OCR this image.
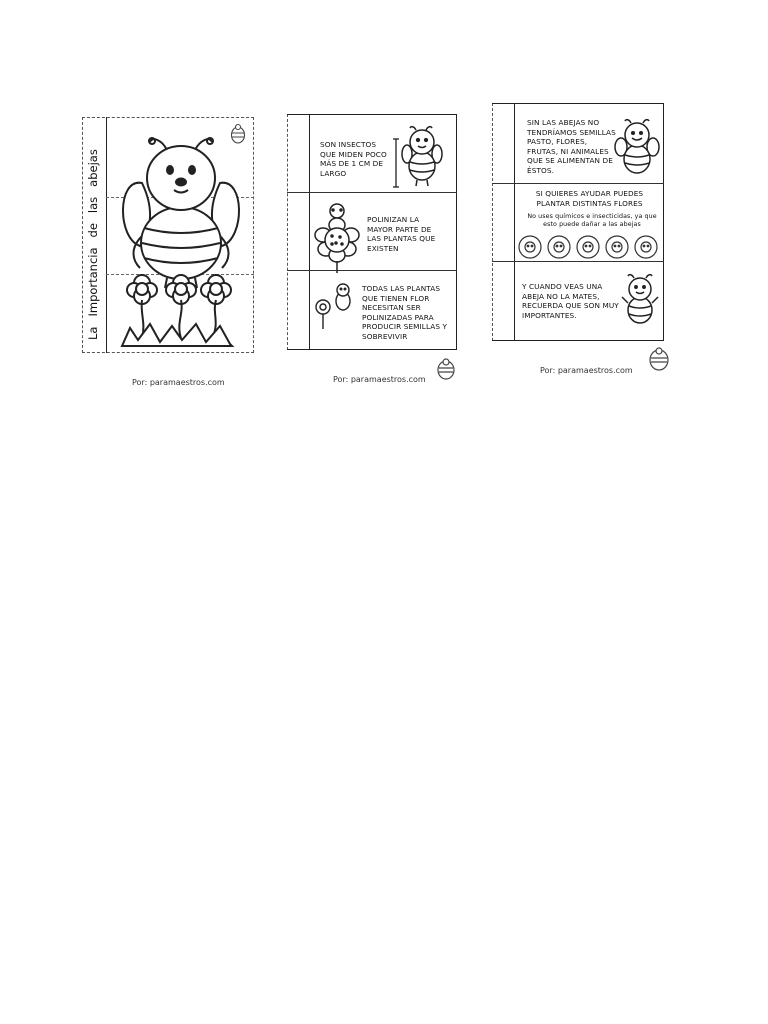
LaImportanciadelasabejas
Por: paramaestros.com
SON INSECTOS QUE MIDEN POCO MÁS DE 1 CM DE LARGO
POLINIZAN LA MAYOR PARTE DE LAS PLANTAS QUE EXISTEN
TODAS LAS PLANTAS QUE TIENEN FLOR NECESITAN SER POLINIZADAS PARA PRODUCIR SEMILLAS Y SOBREVIVIR
Por: paramaestros.com
SIN LAS ABEJAS NO TENDRÍAMOS SEMILLAS PASTO, FLORES, FRUTAS, NI ANIMALES QUE SE ALIMENTAN DE ÉSTOS.
SI QUIERES AYUDAR PUEDES PLANTAR DISTINTAS FLORES
No uses químicos e insecticidas, ya que esto puede dañar a las abejas
Y CUANDO VEAS UNA ABEJA NO LA MATES, RECUERDA QUE SON MUY IMPORTANTES.
Por: paramaestros.com
